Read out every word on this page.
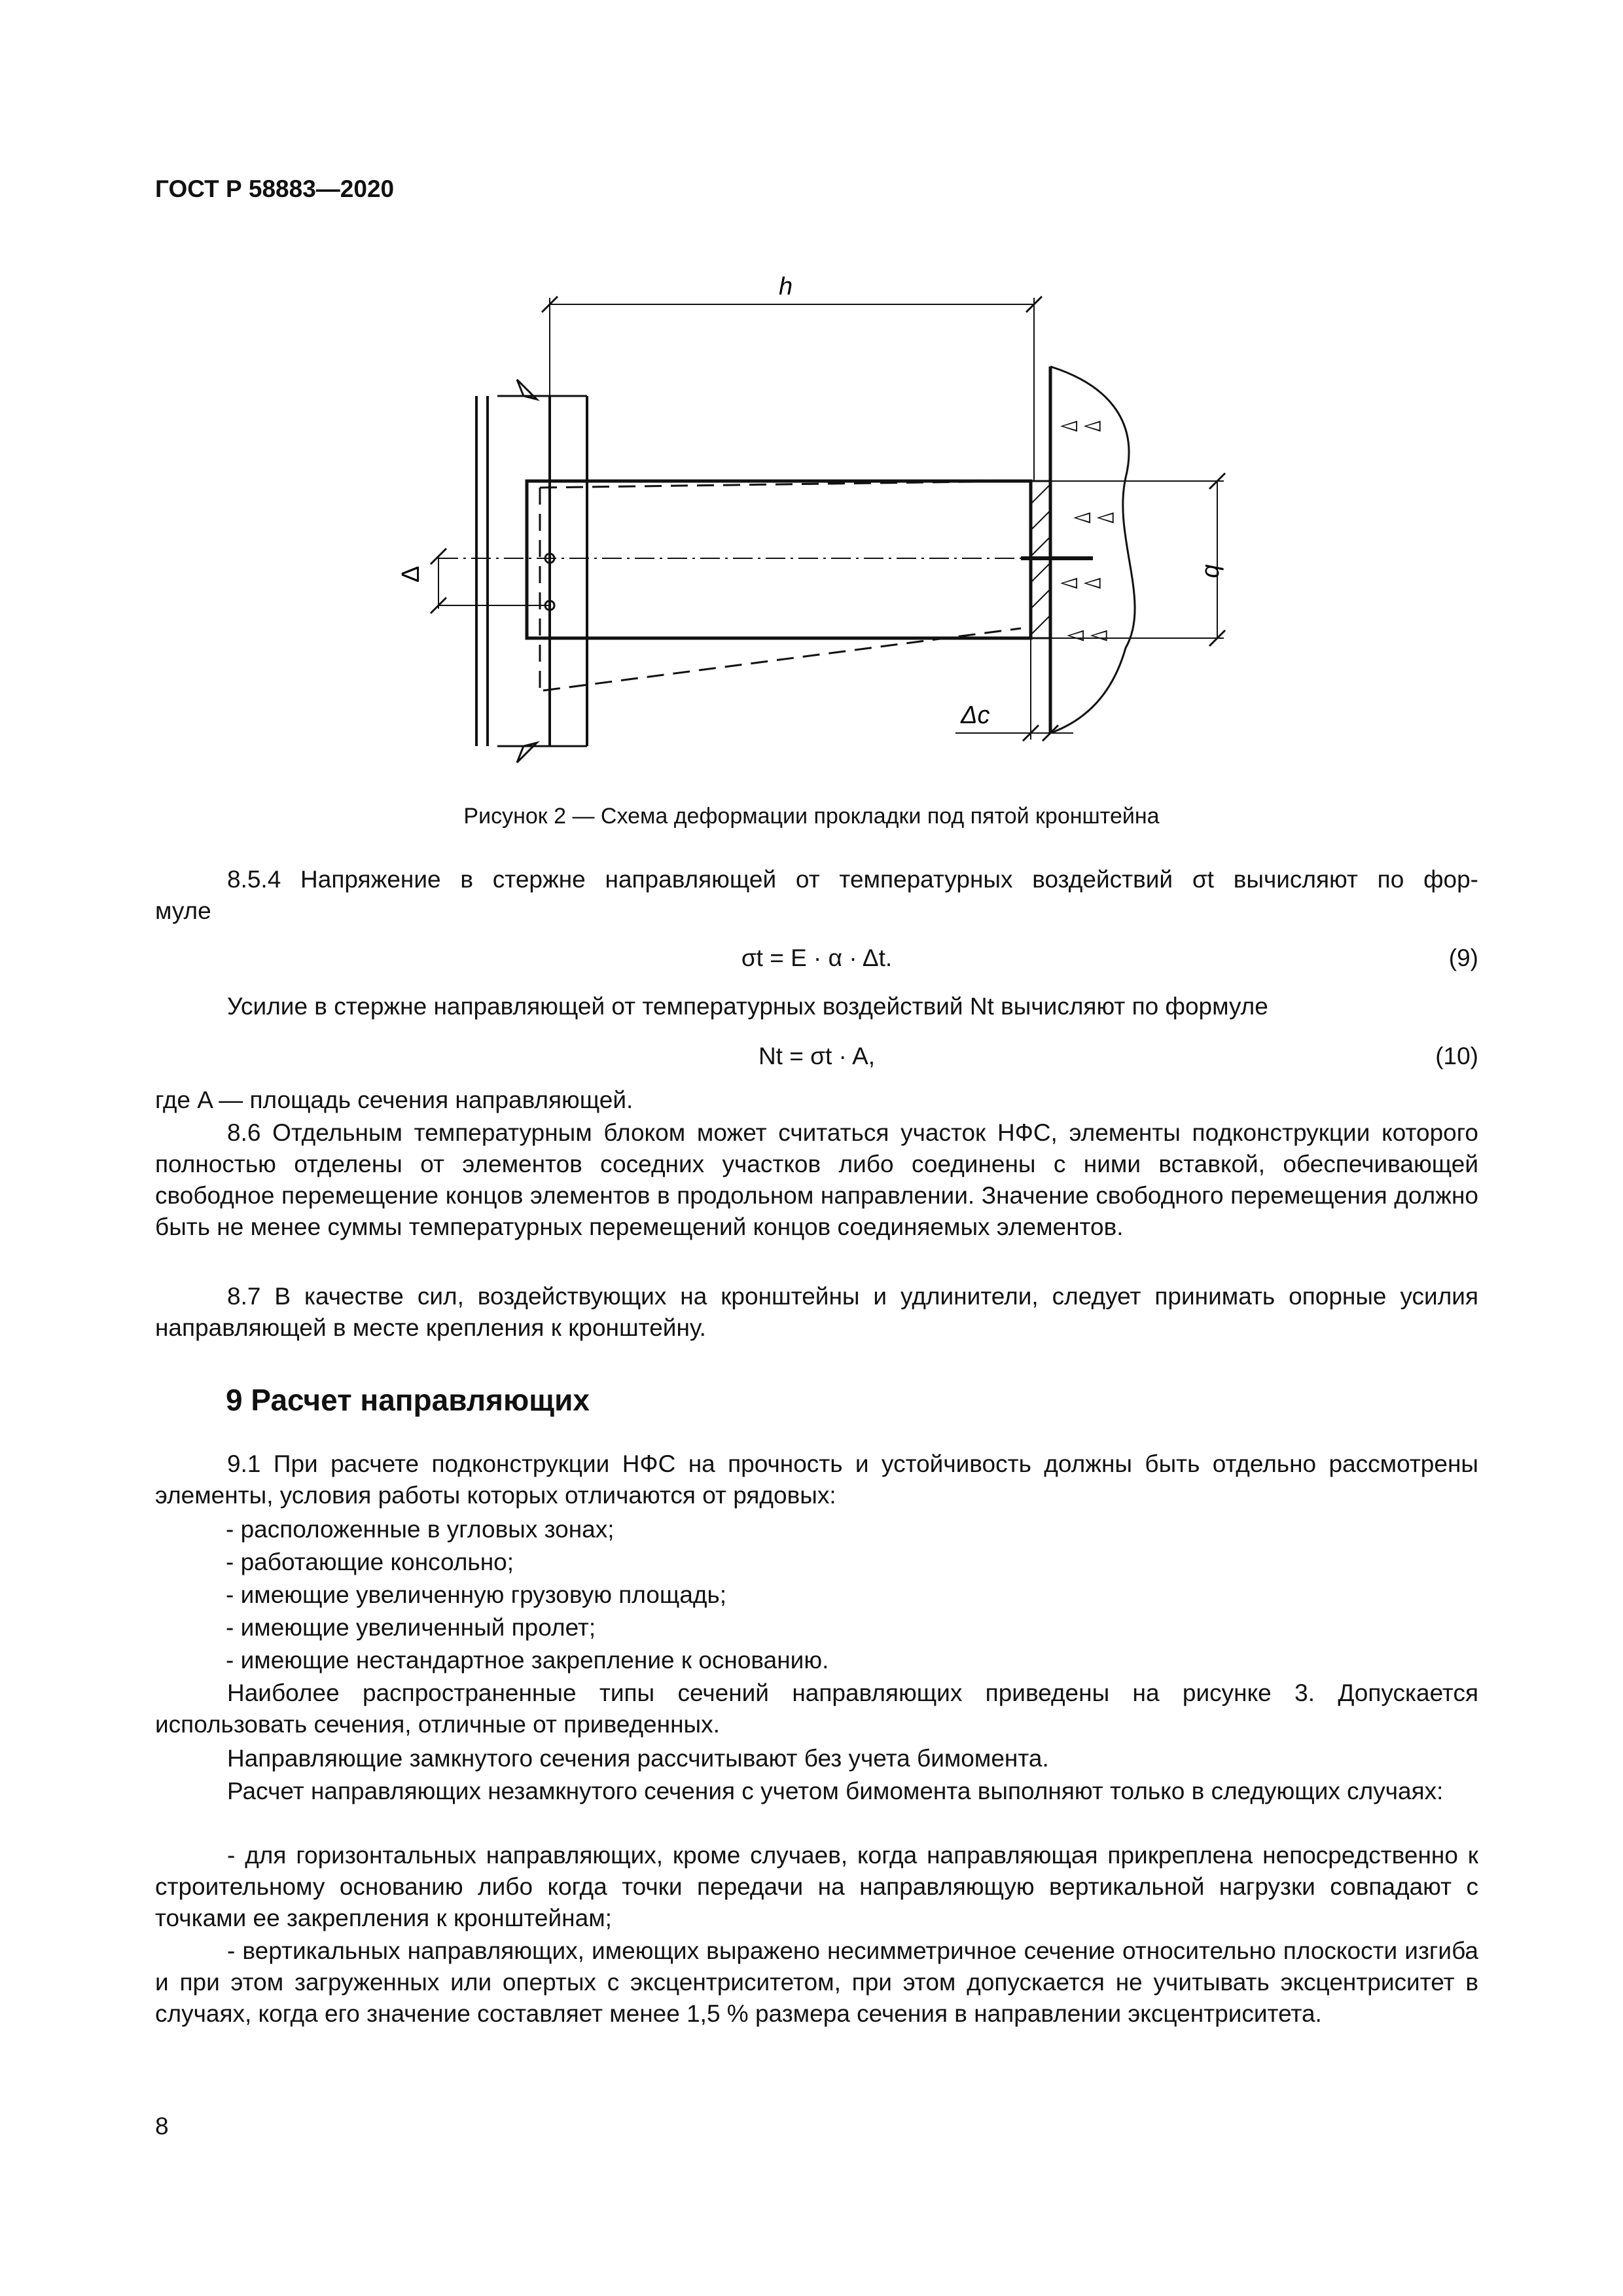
ГОСТ Р 58883—2020
◅ ◅
◅ ◅
◅ ◅
◅ ◅
h
b
Δ
Δc
Рисунок 2 — Схема деформации прокладки под пятой кронштейна

8.5.4 Напряжение в стержне направляющей от температурных воздействий σt вычисляют по фор-
муле

σt = E · α · Δt.	(9)

Усилие в стержне направляющей от температурных воздействий Nt вычисляют по формуле

Nt = σt · A,	(10)

где A — площадь сечения направляющей.

8.6 Отдельным температурным блоком может считаться участок НФС, элементы подконструкции которого полностью отделены от элементов соседних участков либо соединены с ними вставкой, обеспечивающей свободное перемещение концов элементов в продольном направлении. Значение свободного перемещения должно быть не менее суммы температурных перемещений концов соединяемых элементов.

8.7 В качестве сил, воздействующих на кронштейны и удлинители, следует принимать опорные усилия направляющей в месте крепления к кронштейну.

9 Расчет направляющих

9.1 При расчете подконструкции НФС на прочность и устойчивость должны быть отдельно рассмотрены элементы, условия работы которых отличаются от рядовых:

- расположенные в угловых зонах;
- работающие консольно;
- имеющие увеличенную грузовую площадь;
- имеющие увеличенный пролет;
- имеющие нестандартное закрепление к основанию.

Наиболее распространенные типы сечений направляющих приведены на рисунке 3. Допускается использовать сечения, отличные от приведенных.

Направляющие замкнутого сечения рассчитывают без учета бимомента.

Расчет направляющих незамкнутого сечения с учетом бимомента выполняют только в следующих случаях:

- для горизонтальных направляющих, кроме случаев, когда направляющая прикреплена непосредственно к строительному основанию либо когда точки передачи на направляющую вертикальной нагрузки совпадают с точками ее закрепления к кронштейнам;

- вертикальных направляющих, имеющих выражено несимметричное сечение относительно плоскости изгиба и при этом загруженных или опертых с эксцентриситетом, при этом допускается не учитывать эксцентриситет в случаях, когда его значение составляет менее 1,5 % размера сечения в направлении эксцентриситета.

8
